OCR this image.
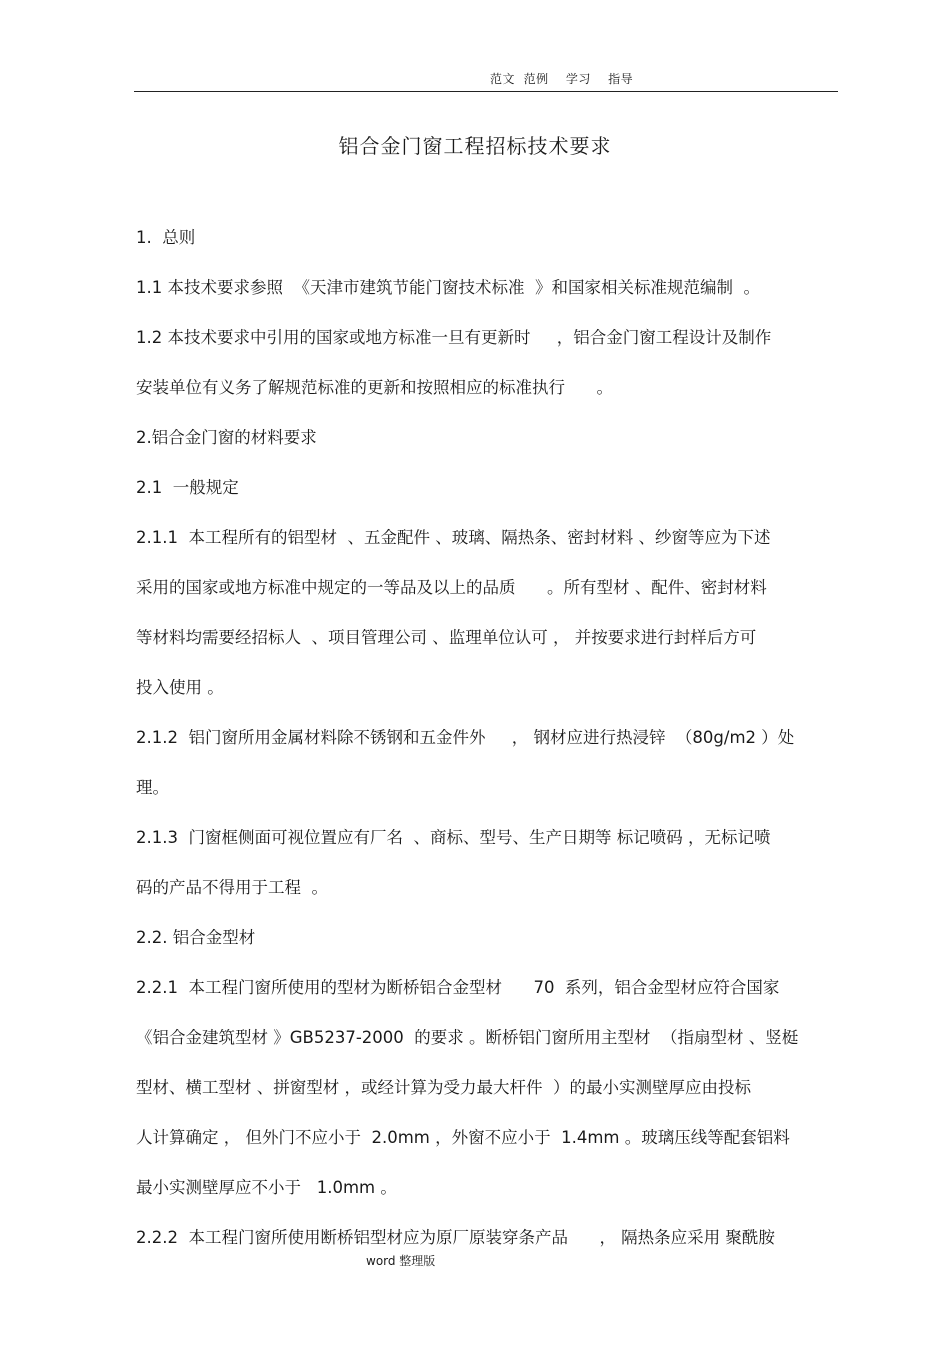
范文  范例    学习    指导
铝合金门窗工程招标技术要求
1.  总则
1.1 本技术要求参照  《天津市建筑节能门窗技术标准  》和国家相关标准规范编制  。
1.2 本技术要求中引用的国家或地方标准一旦有更新时     ，铝合金门窗工程设计及制作
安装单位有义务了解规范标准的更新和按照相应的标准执行      。
2.铝合金门窗的材料要求
2.1  一般规定
2.1.1  本工程所有的铝型材  、五金配件 、玻璃、隔热条、密封材料 、纱窗等应为下述
采用的国家或地方标准中规定的一等品及以上的品质      。所有型材 、配件、密封材料
等材料均需要经招标人  、项目管理公司 、监理单位认可 ， 并按要求进行封样后方可
投入使用 。
2.1.2  铝门窗所用金属材料除不锈钢和五金件外     ， 钢材应进行热浸锌  （80g/m2 ）处
理。
2.1.3  门窗框侧面可视位置应有厂名  、商标、型号、生产日期等 标记喷码 ，无标记喷
码的产品不得用于工程  。
2.2. 铝合金型材
2.2.1  本工程门窗所使用的型材为断桥铝合金型材      70  系列，铝合金型材应符合国家
《铝合金建筑型材 》GB5237-2000  的要求 。断桥铝门窗所用主型材  （指扇型材 、竖梃
型材、横工型材 、拼窗型材 ，或经计算为受力最大杆件  ）的最小实测壁厚应由投标
人计算确定 ， 但外门不应小于  2.0mm ，外窗不应小于  1.4mm 。玻璃压线等配套铝料
最小实测壁厚应不小于   1.0mm 。
2.2.2  本工程门窗所使用断桥铝型材应为原厂原装穿条产品      ， 隔热条应采用 聚酰胺
word 整理版
